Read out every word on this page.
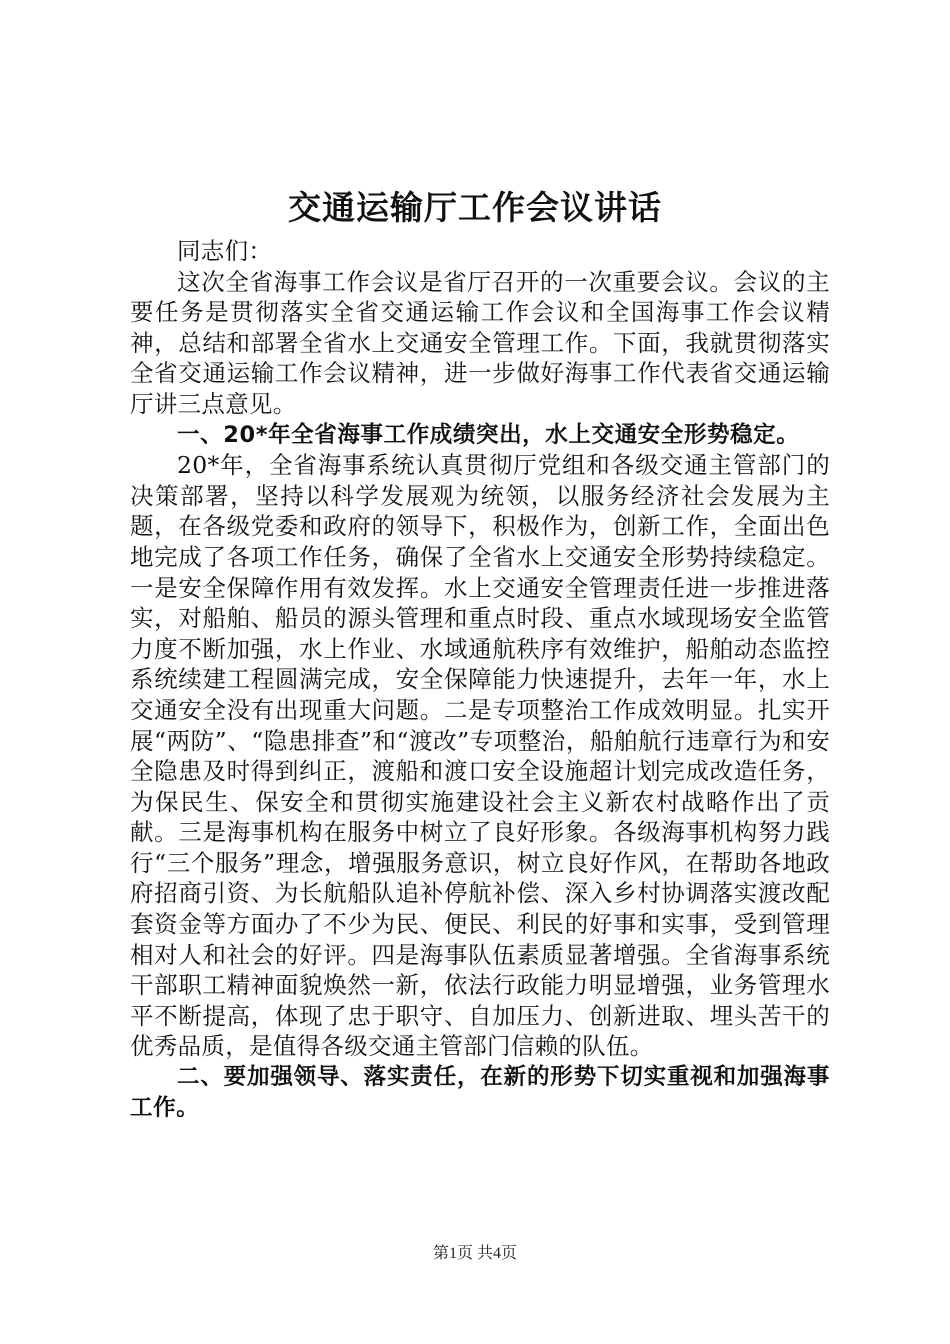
交通运输厅工作会议讲话

同志们：

这次全省海事工作会议是省厅召开的一次重要会议。会议的主要任务是贯彻落实全省交通运输工作会议和全国海事工作会议精神，总结和部署全省水上交通安全管理工作。下面，我就贯彻落实全省交通运输工作会议精神，进一步做好海事工作代表省交通运输厅讲三点意见。

一、20*年全省海事工作成绩突出，水上交通安全形势稳定。

20*年，全省海事系统认真贯彻厅党组和各级交通主管部门的决策部署，坚持以科学发展观为统领，以服务经济社会发展为主题，在各级党委和政府的领导下，积极作为，创新工作，全面出色地完成了各项工作任务，确保了全省水上交通安全形势持续稳定。一是安全保障作用有效发挥。水上交通安全管理责任进一步推进落实，对船舶、船员的源头管理和重点时段、重点水域现场安全监管力度不断加强，水上作业、水域通航秩序有效维护，船舶动态监控系统续建工程圆满完成，安全保障能力快速提升，去年一年，水上交通安全没有出现重大问题。二是专项整治工作成效明显。扎实开展“两防”、“隐患排查”和“渡改”专项整治，船舶航行违章行为和安全隐患及时得到纠正，渡船和渡口安全设施超计划完成改造任务，为保民生、保安全和贯彻实施建设社会主义新农村战略作出了贡献。三是海事机构在服务中树立了良好形象。各级海事机构努力践行“三个服务”理念，增强服务意识，树立良好作风，在帮助各地政府招商引资、为长航船队追补停航补偿、深入乡村协调落实渡改配套资金等方面办了不少为民、便民、利民的好事和实事，受到管理相对人和社会的好评。四是海事队伍素质显著增强。全省海事系统干部职工精神面貌焕然一新，依法行政能力明显增强，业务管理水平不断提高，体现了忠于职守、自加压力、创新进取、埋头苦干的优秀品质，是值得各级交通主管部门信赖的队伍。

二、要加强领导、落实责任，在新的形势下切实重视和加强海事工作。

第1页 共4页
